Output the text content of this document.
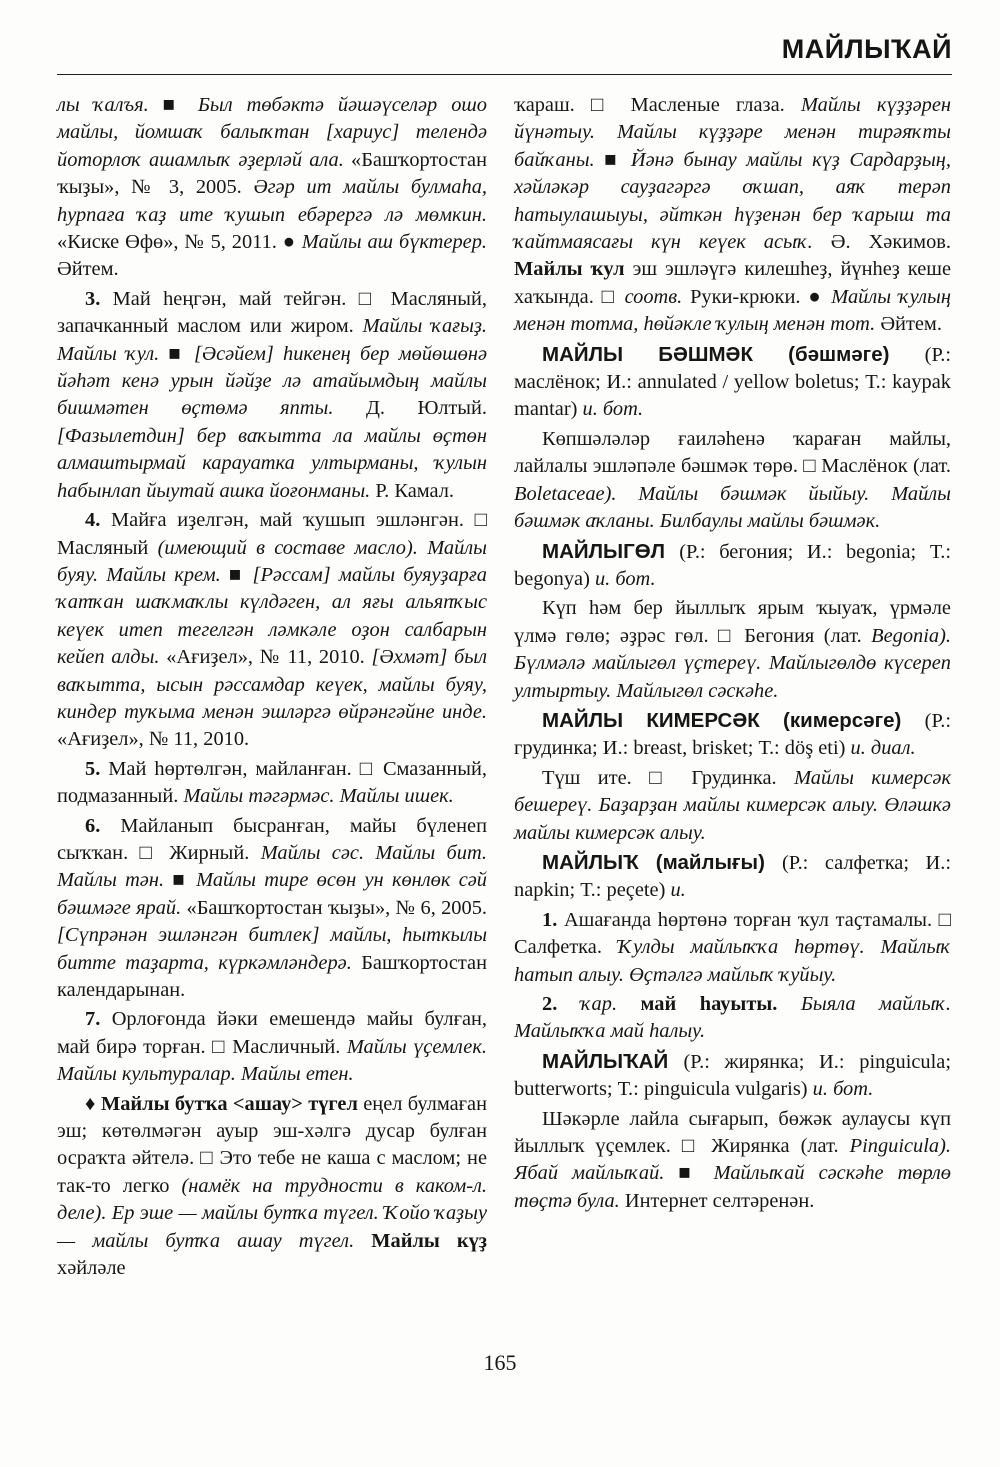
МАЙЛЫҠАЙ

лы ҡалъя. ■ Был төбәктә йәшәүселәр ошо майлы, йомшаҡ балыҡтан [хариус] телендә йоторлоҡ ашамлыҡ әҙерләй ала. «Башҡортостан ҡыҙы», № 3, 2005. Әгәр ит майлы булмаһа, һурпаға ҡаҙ ите ҡушып ебәрергә лә мөмкин. «Киске Өфө», № 5, 2011. ● Майлы аш бүктерер. Әйтем.

3. Май һеңгән, май тейгән. □ Масляный, запачканный маслом или жиром. Майлы ҡағыҙ. Майлы ҡул. ■ [Әсәйем] һикенең бер мөйөшөнә йәһәт кенә урын йәйҙе лә атайымдың майлы бишмәтен өҫтөмә япты. Д. Юлтый. [Фазылетдин] бер ваҡытта ла майлы өҫтөн алмаштырмай карауатка ултырманы, ҡулын һабынлап йыуmaй ашка йоғонманы. Р. Камал.

4. Майға иҙелгән, май ҡушып эшләнгән. □ Масляный (имеющий в составе масло). Майлы буяу. Майлы крем. ■ [Рәссам] майлы буяуҙарға ҡатҡан шаҡмаҡлы күлдәген, ал яғы альяпҡыс кеүек итеп тегелгән ләмкәле оҙон салбарын кейеп алды. «Ағиҙел», № 11, 2010. [Әхмәт] был ваҡытта, ысын рәссамдар кеүек, майлы буяу, киндер туҡыма менән эшләргә өйрәнгәйне инде. «Ағиҙел», № 11, 2010.

5. Май һөртөлгән, майланған. □ Смазанный, подмазанный. Майлы тәгәрмәс. Майлы ишек.

6. Майланып бысранған, майы бүленеп сыҡҡан. □ Жирный. Майлы сәс. Майлы бит. Майлы тән. ■ Майлы тире өсөн ун көнлөк сәй бәшмәге ярай. «Башҡортостан ҡыҙы», № 6, 2005. [Сүпрәнән эшләнгән битлек] майлы, һыткылы битте таҙарта, күркәмләндерә. Башҡортостан календарынан.

7. Орлоғонда йәки емешендә майы булған, май бирә торған. □ Масличный. Майлы үҫемлек. Майлы культуралар. Майлы етен.

♦ Майлы бутҡа <ашау> түгел еңел булмаған эш; көтөлмәгән ауыр эш-хәлгә дусар булған осраҡта әйтелә. □ Это тебе не каша с маслом; не так-то легко (намёк на трудности в каком-л. деле). Ер эше — майлы бутҡа түгел. Ҡойо ҡаҙыу — майлы бутҡа ашау түгел. Майлы күҙ хәйләле

ҡараш. □ Масленые глаза. Майлы күҙҙәрен йүнәтыу. Майлы күҙҙәре менән тирәяҡты байҡаны. ■ Йәнә бынау майлы күҙ Сардарҙың, хәйләкәр сауҙагәргә оҡшап, аяҡ терәп һатыулашыуы, әйткән һүҙенән бер ҡарыш та ҡайтмаясағы күн кеүек асыҡ. Ә. Хәкимов. Майлы ҡул эш эшләүгә килешһеҙ, йүнһеҙ кеше хаҡында. □ соотв. Руки-крюки. ● Майлы ҡулың менән тотма, һөйәкле ҡулың менән тот. Әйтем.

МАЙЛЫ БӘШМӘК (бәшмәге) (Р.: маслёнок; И.: annulated / yellow boletus; Т.: kaypak mantar) и. бот.

Көпшәләләр ғаиләһенә ҡараған майлы, лайлалы эшләпәле бәшмәк төрө. □ Маслёнок (лат. Boletaceae). Майлы бәшмәк йыйыу. Майлы бәшмәк аҡланы. Билбаулы майлы бәшмәк.

МАЙЛЫГӨЛ (Р.: бегония; И.: begonia; Т.: begonya) и. бот.

Күп һәм бер йыллыҡ ярым ҡыуаҡ, үрмәле үлмә гөлө; әҙрәс гөл. □ Бегония (лат. Begonia). Бүлмәлә майлыгөл үҫтереү. Майлыгөлдө күсереп ултыртыу. Майлыгөл сәскәһе.

МАЙЛЫ КИМЕРСӘК (кимерсәге) (Р.: грудинка; И.: breast, brisket; Т.: döş eti) и. диал.

Түш ите. □ Грудинка. Майлы кимерсәк бешереү. Баҙарҙан майлы кимерсәк алыу. Өләшкә майлы кимерсәк алыу.

МАЙЛЫҠ (майлығы) (Р.: салфетка; И.: napkin; Т.: peçete) и.

1. Ашағанда һөртөнә торған ҡул таҫтамалы. □ Салфетка. Ҡулды майлыҡҡа һөртөү. Майлыҡ һатып алыу. Өҫтәлгә майлыҡ ҡуйыу.

2. ҡар. май һауыты. Быяла майлыҡ. Майлыҡҡа май һалыу.

МАЙЛЫҠАЙ (Р.: жирянка; И.: pinguicula; butterworts; Т.: pinguicula vulgaris) и. бот.

Шәкәрле лайла сығарып, бөжәк аулаусы күп йыллыҡ үҫемлек. □ Жирянка (лат. Pinguicula). Ябай майлыҡай. ■ Майлыҡай сәскәһе төрлө төҫтә була. Интернет селтәренән.

165
